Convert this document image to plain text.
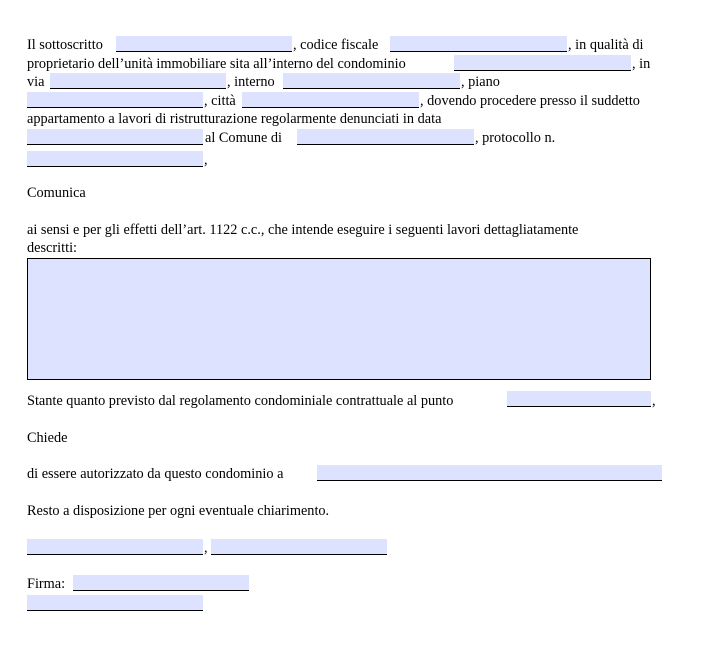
Il sottoscritto	, codice fiscale	, in qualità di
proprietario dell’unità immobiliare sita all’interno del condominio	, in
via	, interno	, piano
, città	, dovendo procedere presso il suddetto
appartamento a lavori di ristrutturazione regolarmente denunciati in data
al Comune di	, protocollo n.
,
Comunica
ai sensi e per gli effetti dell’art. 1122 c.c., che intende eseguire i seguenti lavori dettagliatamente
descritti:
Stante quanto previsto dal regolamento condominiale contrattuale al punto	,
Chiede
di essere autorizzato da questo condominio a
Resto a disposizione per ogni eventuale chiarimento.
,
Firma:
